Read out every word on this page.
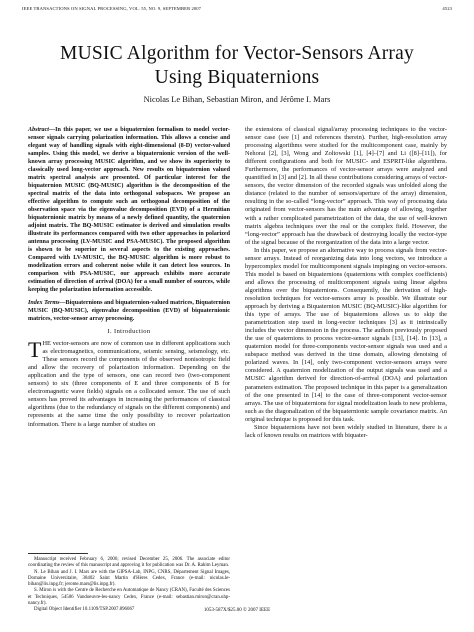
IEEE TRANSACTIONS ON SIGNAL PROCESSING, VOL. 55, NO. 9, SEPTEMBER 2007	4523
MUSIC Algorithm for Vector-Sensors Array
Using Biquaternions
Nicolas Le Bihan, Sebastian Miron, and Jérôme I. Mars

Abstract—In this paper, we use a biquaternion formalism to model vector-sensor signals carrying polarization information. This allows a concise and elegant way of handling signals with eight-dimensional (8-D) vector-valued samples. Using this model, we derive a biquaternionic version of the well-known array processing MUSIC algorithm, and we show its superiority to classically used long-vector approach. New results on biquaternion valued matrix spectral analysis are presented. Of particular interest for the biquaternion MUSIC (BQ-MUSIC) algorithm is the decomposition of the spectral matrix of the data into orthogonal subspaces. We propose an effective algorithm to compute such an orthogonal decomposition of the observation space via the eigenvalue decomposition (EVD) of a Hermitian biquaternionic matrix by means of a newly defined quantity, the quaternion adjoint matrix. The BQ-MUSIC estimator is derived and simulation results illustrate its performances compared with two other approaches in polarized antenna processing (LV-MUSIC and PSA-MUSIC). The proposed algorithm is shown to be superior in several aspects to the existing approaches. Compared with LV-MUSIC, the BQ-MUSIC algorithm is more robust to modelization errors and coherent noise while it can detect less sources. In comparison with PSA-MUSIC, our approach exhibits more accurate estimation of direction of arrival (DOA) for a small number of sources, while keeping the polarization information accessible.

Index Terms—Biquaternions and biquaternion-valued matrices, Biquaternion MUSIC (BQ-MUSIC), eigenvalue decomposition (EVD) of biquaternionic matrices, vector-sensor array processing.

I. Introduction

THE vector-sensors are now of common use in different applications such as electromagnetics, communications, seismic sensing, seismology, etc. These sensors record the components of the observed nonisotropic field and allow the recovery of polarization information. Depending on the application and the type of sensors, one can record two (two-component sensors) to six (three components of E and three components of B for electromagnetic wave fields) signals on a collocated sensor. The use of such sensors has proved its advantages in increasing the performances of classical algorithms (due to the redundancy of signals on the different components) and represents at the same time the only possibility to recover polarization information. There is a large number of studies on

Manuscript received February 6, 2006; revised December 25, 2006. The associate editor coordinating the review of this manuscript and approving it for publication was Dr. A. Rahim Leyman.

N. Le Bihan and J. I. Mars are with the GIPSA-Lab, INPG, CNRS, Département Signal Images, Domaine Universitaire, 38402 Saint Martin d'Hères Cedex, France (e-mail: nicolas.le-bihan@lis.inpg.fr; jerome.mars@lis.inpg.fr).

S. Miron is with the Centre de Recherche en Automatique de Nancy (CRAN), Faculté des Sciences et Techniques, 54506 Vandoeuvre-les-nancy Cedex, France (e-mail: sebastian.miron@cran.uhp-nancy.fr).

Digital Object Identifier 10.1109/TSP.2007.896067

the extensions of classical signal/array processing techniques to the vector-sensor case (see [1] and references therein). Further, high-resolution array processing algorithms were studied for the multicomponent case, mainly by Nehorai [2], [3], Wong and Zoltowski [1], [4]–[7] and Li ([8]–[11]), for different configurations and both for MUSIC- and ESPRIT-like algorithms. Furthermore, the performances of vector-sensor arrays were analyzed and quantified in [3] and [2]. In all these contributions considering arrays of vector-sensors, the vector dimension of the recorded signals was unfolded along the distance (related to the number of sensors/aperture of the array) dimension, resulting in the so-called “long-vector” approach. This way of processing data originated from vector-sensors has the main advantage of allowing, together with a rather complicated parametrization of the data, the use of well-known matrix algebra techniques over the real or the complex field. However, the “long-vector” approach has the drawback of destroying locally the vector-type of the signal because of the reorganization of the data into a large vector.

In this paper, we propose an alternative way to process signals from vector-sensor arrays. Instead of reorganizing data into long vectors, we introduce a hypercomplex model for multicomponent signals impinging on vector-sensors. This model is based on biquaternions (quaternions with complex coefficients) and allows the processing of multicomponent signals using linear algebra algorithms over the biquaternions. Consequently, the derivation of high-resolution techniques for vector-sensors array is possible. We illustrate our approach by deriving a Biquaternion MUSIC (BQ-MUSIC)-like algorithm for this type of arrays. The use of biquaternions allows us to skip the parametrization step used in long-vector techniques [3] as it intrinsically includes the vector dimension in the process. The authors previously proposed the use of quaternions to process vector-sensor signals [13], [14]. In [13], a quaternion model for three-components vector-sensor signals was used and a subspace method was derived in the time domain, allowing denoising of polarized waves. In [14], only two-component vector-sensors arrays were considered. A quaternion modelization of the output signals was used and a MUSIC algorithm derived for direction-of-arrival (DOA) and polarization parameters estimation. The proposed technique in this paper is a generalization of the one presented in [14] to the case of three-component vector-sensor arrays. The use of biquaternions for signal modelization leads to new problems, such as the diagonalization of the biquaternionic sample covariance matrix. An original technique is proposed for this task.

Since biquaternions have not been widely studied in literature, there is a lack of known results on matrices with biquater-

1053-587X/$25.00 © 2007 IEEE
